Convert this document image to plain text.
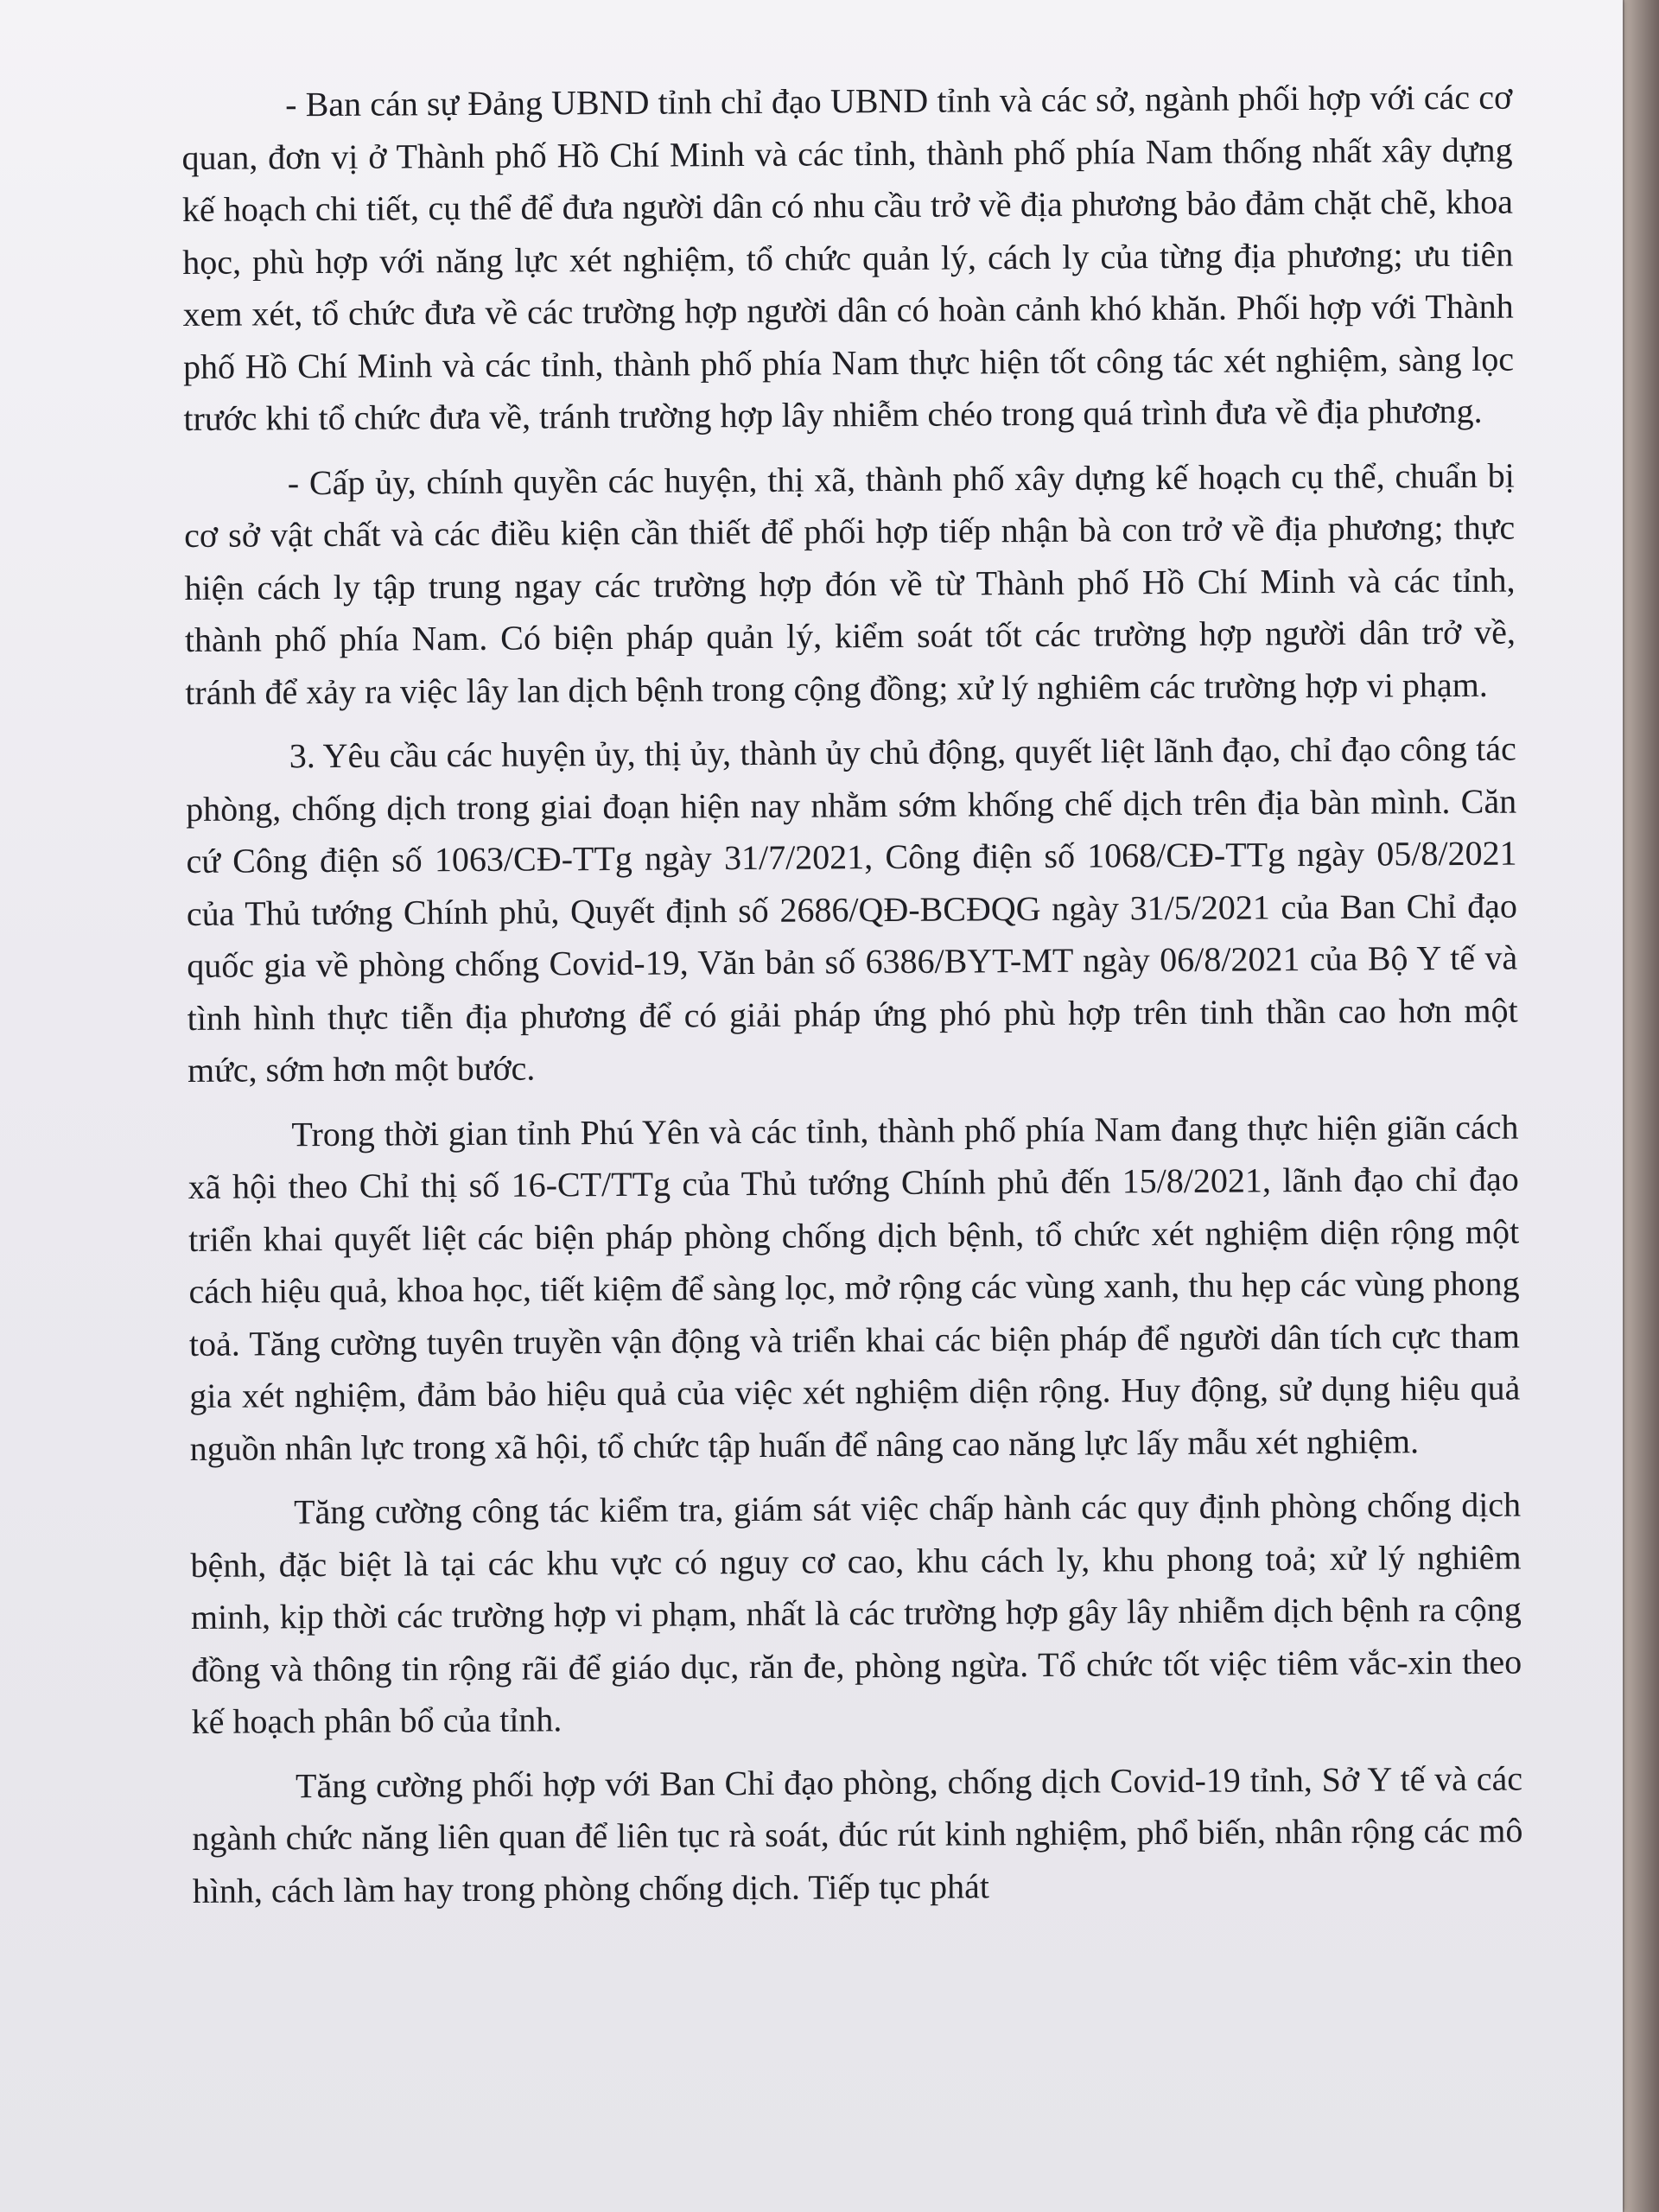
- Ban cán sự Đảng UBND tỉnh chỉ đạo UBND tỉnh và các sở, ngành phối hợp với các cơ quan, đơn vị ở Thành phố Hồ Chí Minh và các tỉnh, thành phố phía Nam thống nhất xây dựng kế hoạch chi tiết, cụ thể để đưa người dân có nhu cầu trở về địa phương bảo đảm chặt chẽ, khoa học, phù hợp với năng lực xét nghiệm, tổ chức quản lý, cách ly của từng địa phương; ưu tiên xem xét, tổ chức đưa về các trường hợp người dân có hoàn cảnh khó khăn. Phối hợp với Thành phố Hồ Chí Minh và các tỉnh, thành phố phía Nam thực hiện tốt công tác xét nghiệm, sàng lọc trước khi tổ chức đưa về, tránh trường hợp lây nhiễm chéo trong quá trình đưa về địa phương.

- Cấp ủy, chính quyền các huyện, thị xã, thành phố xây dựng kế hoạch cụ thể, chuẩn bị cơ sở vật chất và các điều kiện cần thiết để phối hợp tiếp nhận bà con trở về địa phương; thực hiện cách ly tập trung ngay các trường hợp đón về từ Thành phố Hồ Chí Minh và các tỉnh, thành phố phía Nam. Có biện pháp quản lý, kiểm soát tốt các trường hợp người dân trở về, tránh để xảy ra việc lây lan dịch bệnh trong cộng đồng; xử lý nghiêm các trường hợp vi phạm.

3. Yêu cầu các huyện ủy, thị ủy, thành ủy chủ động, quyết liệt lãnh đạo, chỉ đạo công tác phòng, chống dịch trong giai đoạn hiện nay nhằm sớm khống chế dịch trên địa bàn mình. Căn cứ Công điện số 1063/CĐ-TTg ngày 31/7/2021, Công điện số 1068/CĐ-TTg ngày 05/8/2021 của Thủ tướng Chính phủ, Quyết định số 2686/QĐ-BCĐQG ngày 31/5/2021 của Ban Chỉ đạo quốc gia về phòng chống Covid-19, Văn bản số 6386/BYT-MT ngày 06/8/2021 của Bộ Y tế và tình hình thực tiễn địa phương để có giải pháp ứng phó phù hợp trên tinh thần cao hơn một mức, sớm hơn một bước.

Trong thời gian tỉnh Phú Yên và các tỉnh, thành phố phía Nam đang thực hiện giãn cách xã hội theo Chỉ thị số 16-CT/TTg của Thủ tướng Chính phủ đến 15/8/2021, lãnh đạo chỉ đạo triển khai quyết liệt các biện pháp phòng chống dịch bệnh, tổ chức xét nghiệm diện rộng một cách hiệu quả, khoa học, tiết kiệm để sàng lọc, mở rộng các vùng xanh, thu hẹp các vùng phong toả. Tăng cường tuyên truyền vận động và triển khai các biện pháp để người dân tích cực tham gia xét nghiệm, đảm bảo hiệu quả của việc xét nghiệm diện rộng. Huy động, sử dụng hiệu quả nguồn nhân lực trong xã hội, tổ chức tập huấn để nâng cao năng lực lấy mẫu xét nghiệm.

Tăng cường công tác kiểm tra, giám sát việc chấp hành các quy định phòng chống dịch bệnh, đặc biệt là tại các khu vực có nguy cơ cao, khu cách ly, khu phong toả; xử lý nghiêm minh, kịp thời các trường hợp vi phạm, nhất là các trường hợp gây lây nhiễm dịch bệnh ra cộng đồng và thông tin rộng rãi để giáo dục, răn đe, phòng ngừa. Tổ chức tốt việc tiêm vắc-xin theo kế hoạch phân bổ của tỉnh.

Tăng cường phối hợp với Ban Chỉ đạo phòng, chống dịch Covid-19 tỉnh, Sở Y tế và các ngành chức năng liên quan để liên tục rà soát, đúc rút kinh nghiệm, phổ biến, nhân rộng các mô hình, cách làm hay trong phòng chống dịch. Tiếp tục phát
